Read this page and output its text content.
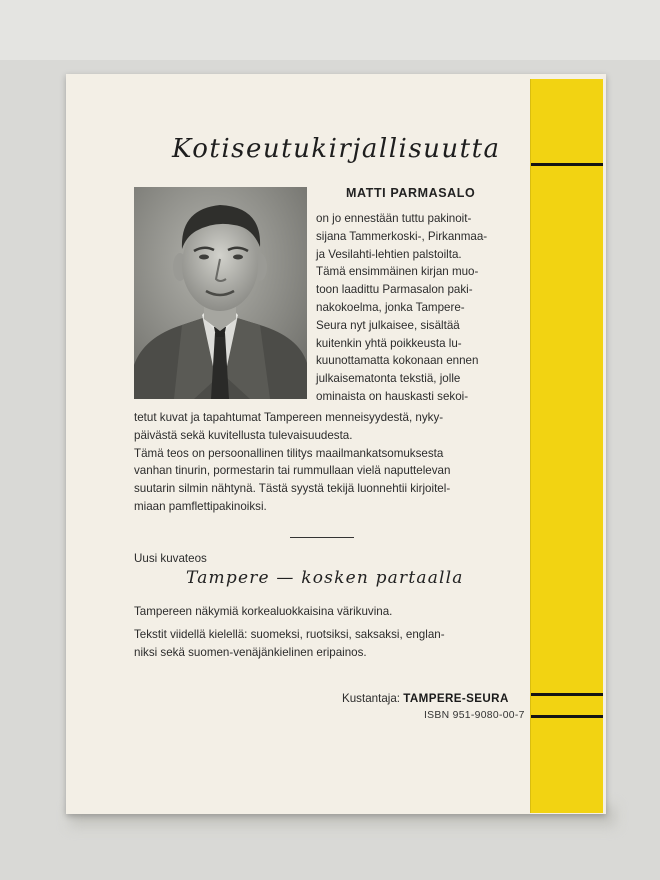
Kotiseutukirjallisuutta
MATTI PARMASALO
on jo ennestään tuttu pakinoit-
sijana Tammerkoski-, Pirkanmaa-
ja Vesilahti-lehtien palstoilta.
Tämä ensimmäinen kirjan muo-
toon laadittu Parmasalon paki-
nakokoelma, jonka Tampere-
Seura nyt julkaisee, sisältää
kuitenkin yhtä poikkeusta lu-
kuunottamatta kokonaan ennen
julkaisematonta tekstiä, jolle
ominaista on hauskasti sekoi-
tetut kuvat ja tapahtumat Tampereen menneisyydestä, nyky-
päivästä sekä kuvitellusta tulevaisuudesta.
Tämä teos on persoonallinen tilitys maailmankatsomuksesta
vanhan tinurin, pormestarin tai rummullaan vielä naputtelevan
suutarin silmin nähtynä. Tästä syystä tekijä luonnehtii kirjoitel-
miaan pamflettipakinoiksi.
Uusi kuvateos
Tampere — kosken partaalla
Tampereen näkymiä korkealuokkaisina värikuvina.
Tekstit viidellä kielellä: suomeksi, ruotsiksi, saksaksi, englan-
niksi sekä suomen-venäjänkielinen eripainos.
Kustantaja: TAMPERE-SEURA
ISBN 951-9080-00-7
